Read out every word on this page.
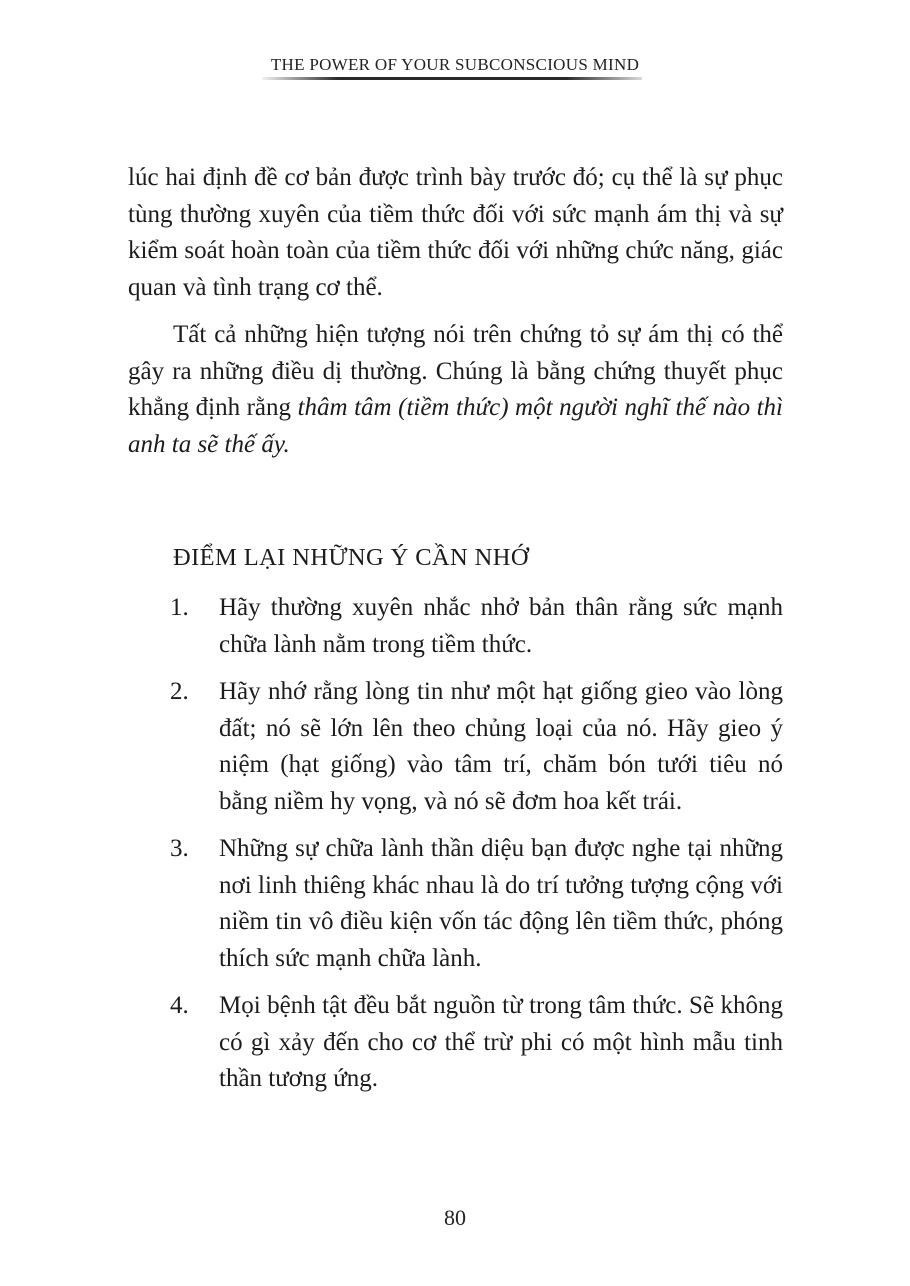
THE POWER OF YOUR SUBCONSCIOUS MIND

lúc hai định đề cơ bản được trình bày trước đó; cụ thể là sự phục tùng thường xuyên của tiềm thức đối với sức mạnh ám thị và sự kiểm soát hoàn toàn của tiềm thức đối với những chức năng, giác quan và tình trạng cơ thể.

Tất cả những hiện tượng nói trên chứng tỏ sự ám thị có thể gây ra những điều dị thường. Chúng là bằng chứng thuyết phục khẳng định rằng thâm tâm (tiềm thức) một người nghĩ thế nào thì anh ta sẽ thế ấy.

ĐIỂM LẠI NHỮNG Ý CẦN NHỚ
1. Hãy thường xuyên nhắc nhở bản thân rằng sức mạnh chữa lành nằm trong tiềm thức.
2. Hãy nhớ rằng lòng tin như một hạt giống gieo vào lòng đất; nó sẽ lớn lên theo chủng loại của nó. Hãy gieo ý niệm (hạt giống) vào tâm trí, chăm bón tưới tiêu nó bằng niềm hy vọng, và nó sẽ đơm hoa kết trái.
3. Những sự chữa lành thần diệu bạn được nghe tại những nơi linh thiêng khác nhau là do trí tưởng tượng cộng với niềm tin vô điều kiện vốn tác động lên tiềm thức, phóng thích sức mạnh chữa lành.
4. Mọi bệnh tật đều bắt nguồn từ trong tâm thức. Sẽ không có gì xảy đến cho cơ thể trừ phi có một hình mẫu tinh thần tương ứng.
80
